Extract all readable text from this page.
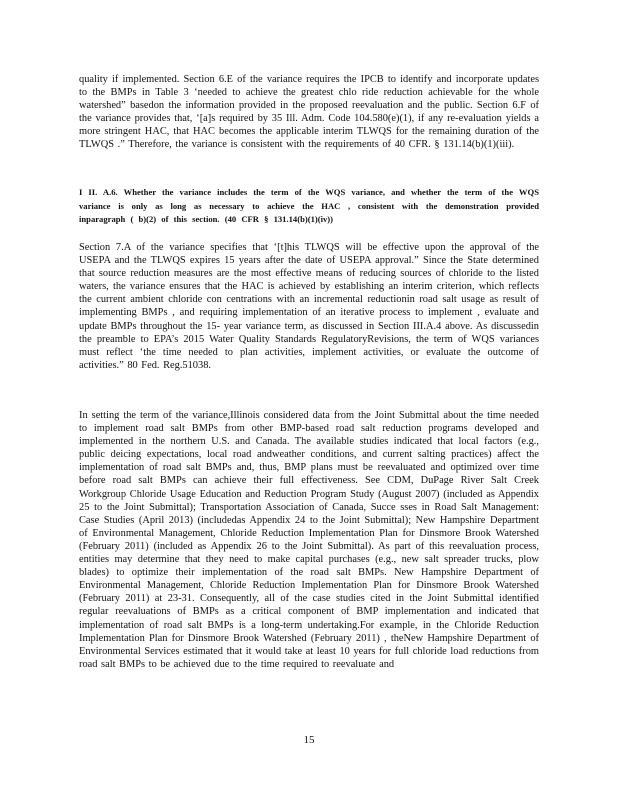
quality if implemented. Section 6.E of the variance requires the IPCB to identify and incorporate updates to the BMPs in Table 3 ‘needed to achieve the greatest chlo ride reduction achievable for the whole watershed” basedon the information provided in the proposed reevaluation and the public. Section 6.F of the variance provides that, ‘[a]s required by 35 Ill. Adm. Code 104.580(e)(1), if any re-evaluation yields a more stringent HAC, that HAC becomes the applicable interim TLWQS for the remaining duration of the TLWQS .” Therefore, the variance is consistent with the requirements of 40 CFR. § 131.14(b)(1)(iii).

I II. A.6. Whether the variance includes the term of the WQS variance, and whether the term of the WQS variance is only as long as necessary to achieve the HAC , consistent with the demonstration provided inparagraph ( b)(2) of this section. (40 CFR § 131.14(b)(1)(iv))

Section 7.A of the variance specifies that ‘[t]his TLWQS will be effective upon the approval of the USEPA and the TLWQS expires 15 years after the date of USEPA approval.” Since the State determined that source reduction measures are the most effective means of reducing sources of chloride to the listed waters, the variance ensures that the HAC is achieved by establishing an interim criterion, which reflects the current ambient chloride con centrations with an incremental reductionin road salt usage as result of implementing BMPs , and requiring implementation of an iterative process to implement , evaluate and update BMPs throughout the 15- year variance term, as discussed in Section III.A.4 above. As discussedin the preamble to EPA’s 2015 Water Quality Standards RegulatoryRevisions, the term of WQS variances must reflect ‘the time needed to plan activities, implement activities, or evaluate the outcome of activities.” 80 Fed. Reg.51038.

In setting the term of the variance,Illinois considered data from the Joint Submittal about the time needed to implement road salt BMPs from other BMP-based road salt reduction programs developed and implemented in the northern U.S. and Canada. The available studies indicated that local factors (e.g., public deicing expectations, local road andweather conditions, and current salting practices) affect the implementation of road salt BMPs and, thus, BMP plans must be reevaluated and optimized over time before road salt BMPs can achieve their full effectiveness. See CDM, DuPage River Salt Creek Workgroup Chloride Usage Education and Reduction Program Study (August 2007) (included as Appendix 25 to the Joint Submittal); Transportation Association of Canada, Succe sses in Road Salt Management: Case Studies (April 2013) (includedas Appendix 24 to the Joint Submittal); New Hampshire Department of Environmental Management, Chloride Reduction Implementation Plan for Dinsmore Brook Watershed (February 2011) (included as Appendix 26 to the Joint Submittal). As part of this reevaluation process, entities may determine that they need to make capital purchases (e.g., new salt spreader trucks, plow blades) to optimize their implementation of the road salt BMPs. New Hampshire Department of Environmental Management, Chloride Reduction Implementation Plan for Dinsmore Brook Watershed (February 2011) at 23-31. Consequently, all of the case studies cited in the Joint Submittal identified regular reevaluations of BMPs as a critical component of BMP implementation and indicated that implementation of road salt BMPs is a long-term undertaking.For example, in the Chloride Reduction Implementation Plan for Dinsmore Brook Watershed (February 2011) , theNew Hampshire Department of Environmental Services estimated that it would take at least 10 years for full chloride load reductions from road salt BMPs to be achieved due to the time required to reevaluate and

15
